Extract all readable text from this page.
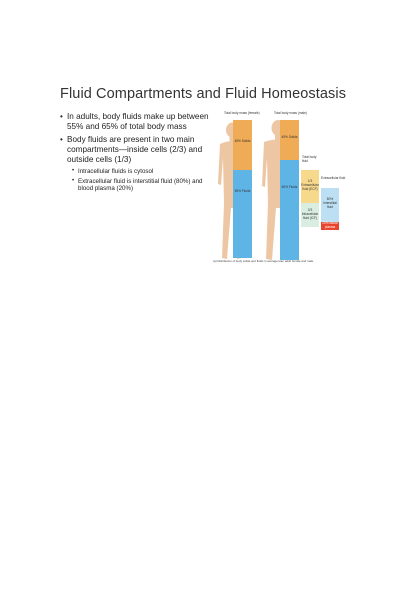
Fluid Compartments and Fluid Homeostasis
• In adults, body fluids make up between 55% and 65% of total body mass
• Body fluids are present in two main compartments—inside cells (2/3) and outside cells (1/3)
• Intracellular fluids is cytosol
• Extracellular fluid is interstitial fluid (80%) and blood plasma (20%)
45% Solids
55% Fluids
40% Solids
60% Fluids
1/3 Extracellular fluid (ECF)
2/3 Intracellular fluid (ICF)
80% Interstitial fluid
20% Blood plasma
Total body mass (female)	Total body mass (male)
Total body fluid
Extracellular fluid
(a) Distribution of body solids and fluids in average lean adult female and male
